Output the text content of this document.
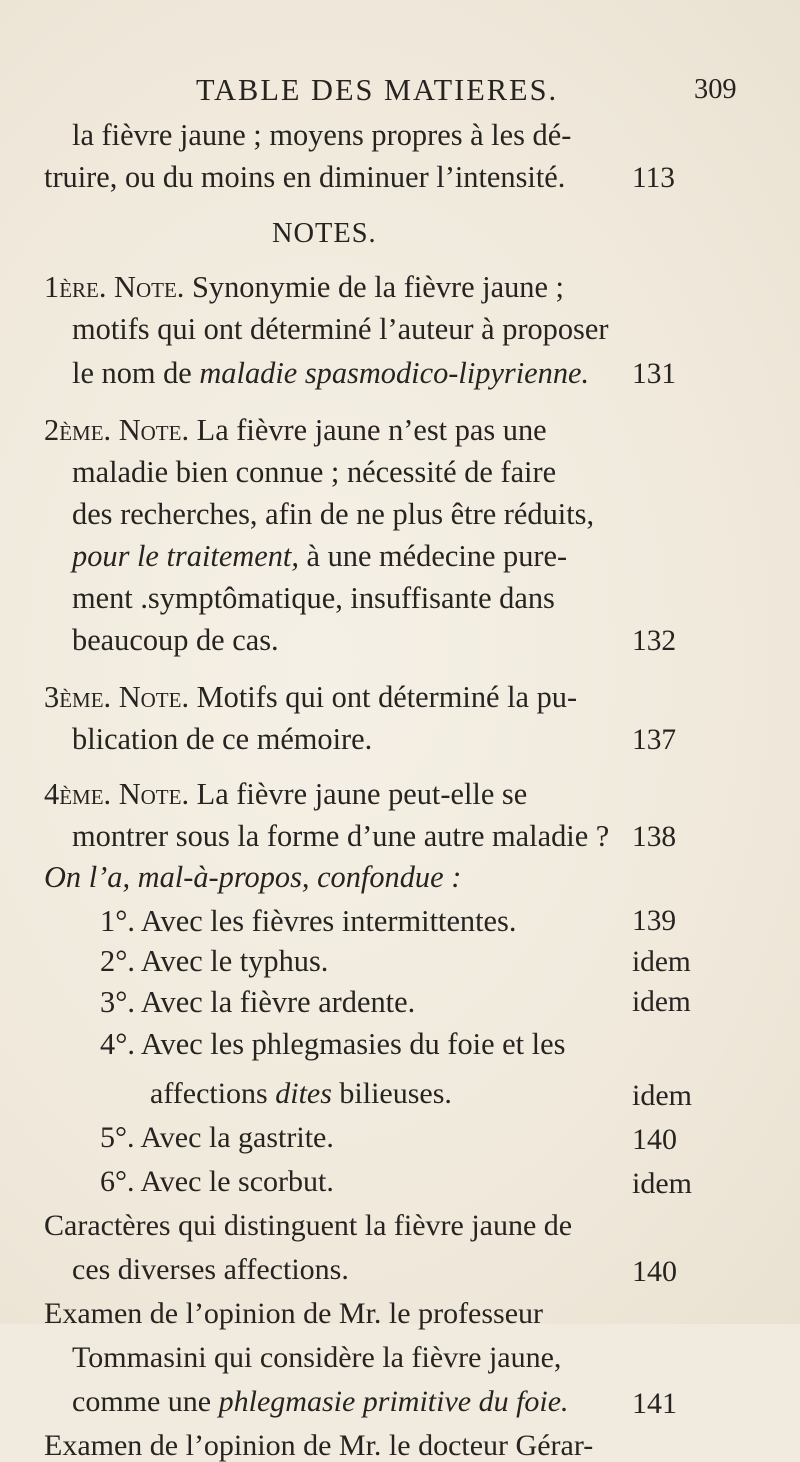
TABLE DES MATIERES.	309
la fièvre jaune ; moyens propres à les dé-
truire, ou du moins en diminuer l’intensité. 113
NOTES.
1ère. Note. Synonymie de la fièvre jaune ;
motifs qui ont déterminé l’auteur à proposer
le nom de maladie spasmodico-lipyrienne. 131
2ème. Note. La fièvre jaune n’est pas une
maladie bien connue ; nécessité de faire
des recherches, afin de ne plus être réduits,
pour le traitement, à une médecine pure-
ment .symptômatique, insuffisante dans
beaucoup de cas.	132
3ème. Note. Motifs qui ont déterminé la pu-
blication de ce mémoire.	137
4ème. Note. La fièvre jaune peut-elle se
montrer sous la forme d’une autre maladie ? 138
On l’a, mal-à-propos, confondue :
1°. Avec les fièvres intermittentes.	139
2°. Avec le typhus.	idem
3°. Avec la fièvre ardente.	idem
4°. Avec les phlegmasies du foie et les
affections dites bilieuses.	idem
5°. Avec la gastrite.	140
6°. Avec le scorbut.	idem
Caractères qui distinguent la fièvre jaune de
ces diverses affections.	140
Examen de l’opinion de Mr. le professeur
Tommasini qui considère la fièvre jaune,
comme une phlegmasie primitive du foie. 141
Examen de l’opinion de Mr. le docteur Gérar-
